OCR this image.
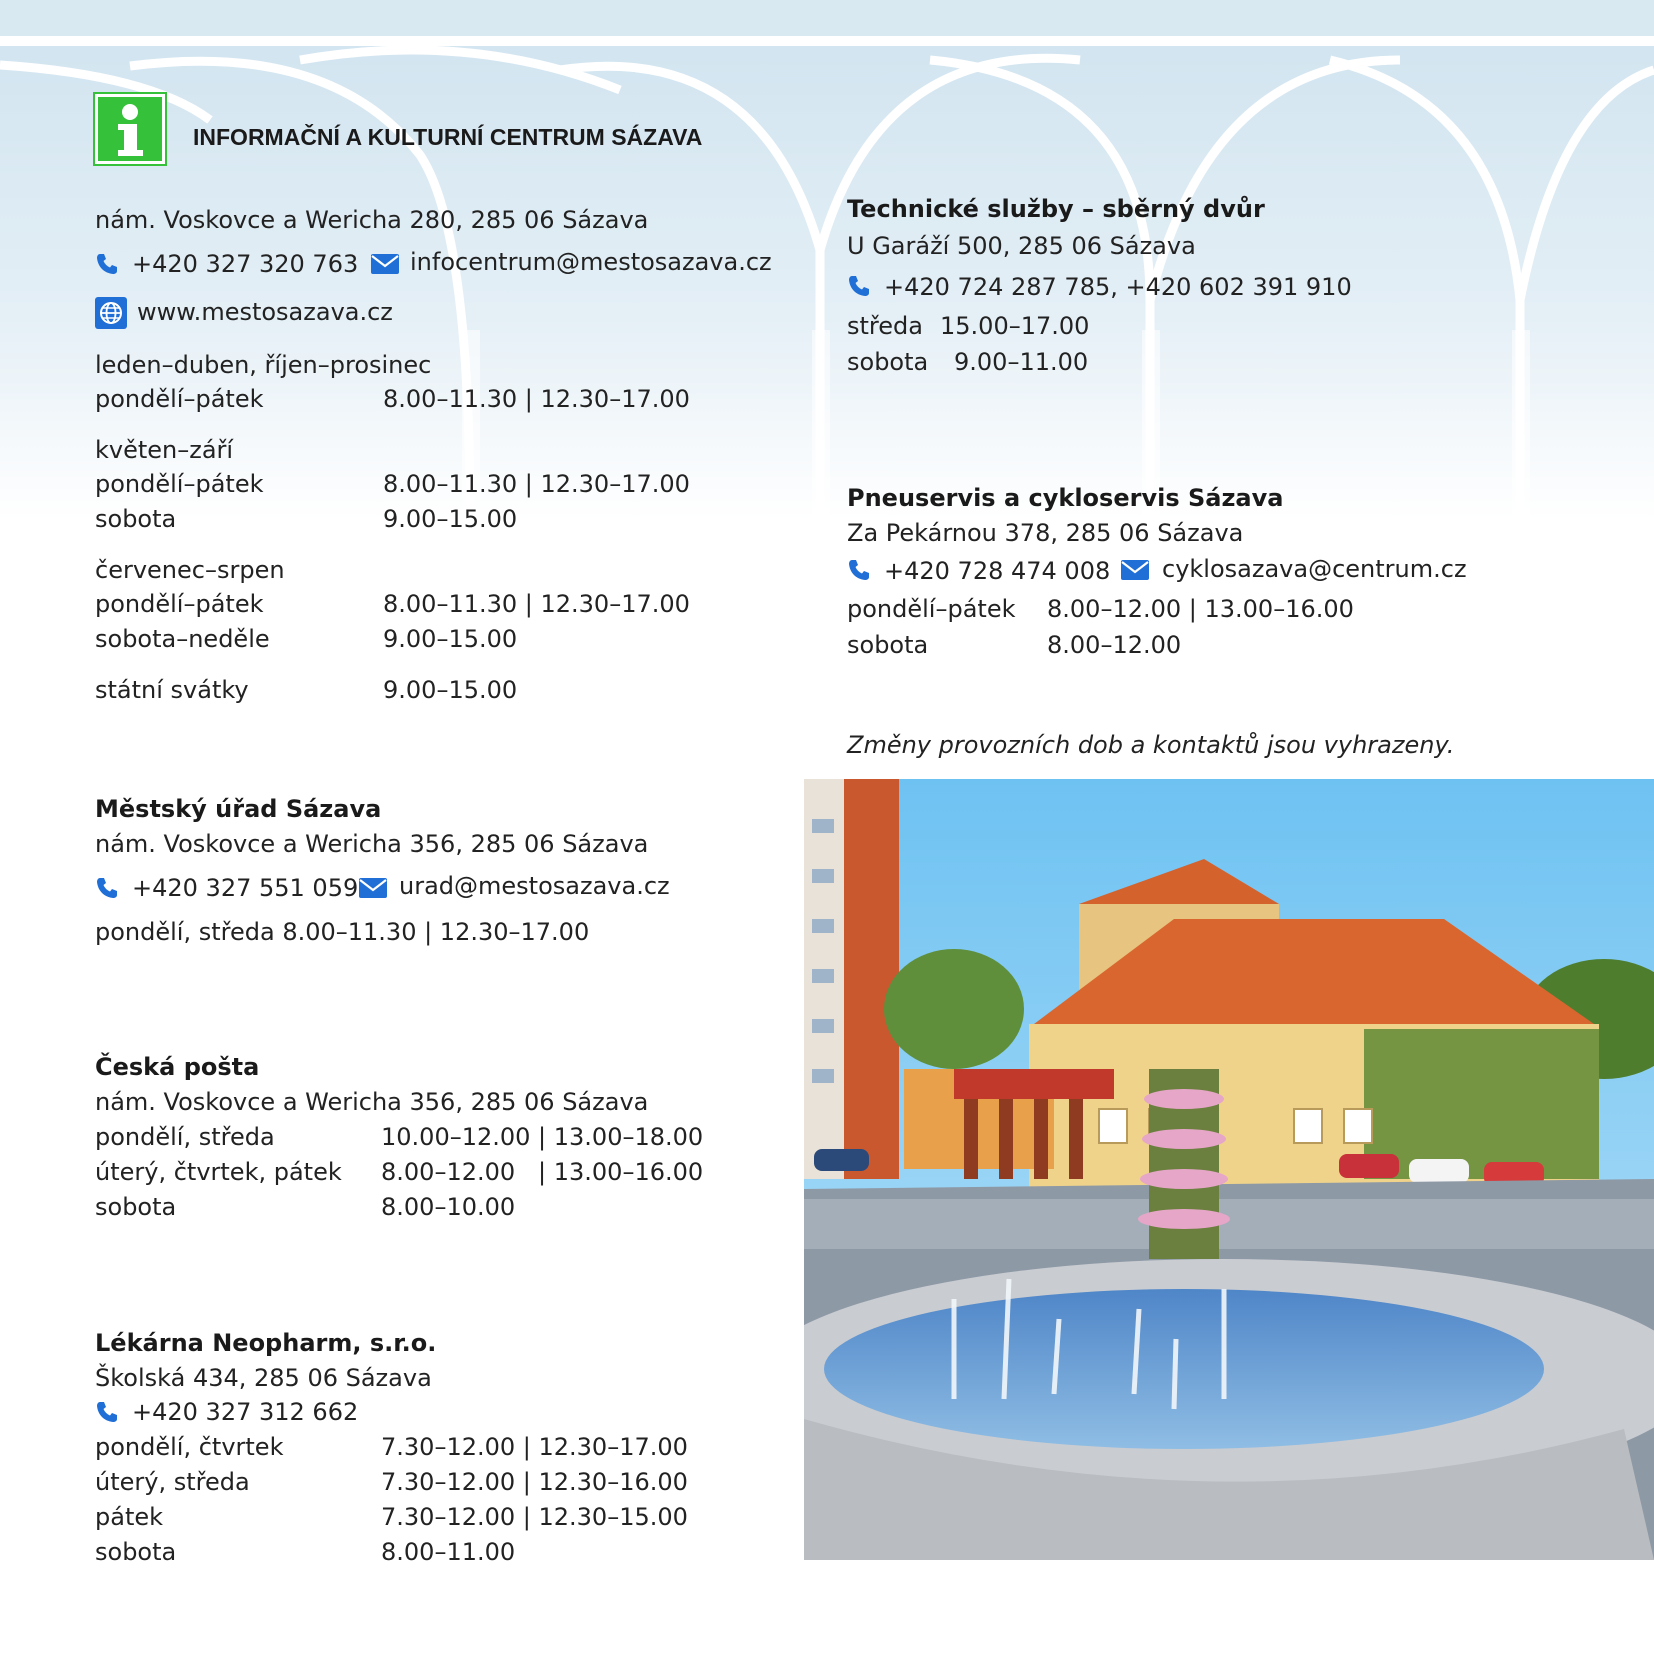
INFORMAČNÍ A KULTURNÍ CENTRUM SÁZAVA
nám. Voskovce a Wericha 280, 285 06 Sázava
+420 327 320 763 infocentrum@mestosazava.cz
www.mestosazava.cz
leden–duben, říjen–prosinec
pondělí–pátek	8.00–11.30 | 12.30–17.00
květen–září
pondělí–pátek	8.00–11.30 | 12.30–17.00
sobota	9.00–15.00
červenec–srpen
pondělí–pátek	8.00–11.30 | 12.30–17.00
sobota–neděle	9.00–15.00
státní svátky	9.00–15.00
Městský úřad Sázava
nám. Voskovce a Wericha 356, 285 06 Sázava
+420 327 551 059 urad@mestosazava.cz
pondělí, středa 8.00–11.30 | 12.30–17.00
Česká pošta
nám. Voskovce a Wericha 356, 285 06 Sázava
pondělí, středa	10.00–12.00 | 13.00–18.00
úterý, čtvrtek, pátek 8.00–12.00   | 13.00–16.00
sobota	8.00–10.00
Lékárna Neopharm, s.r.o.
Školská 434, 285 06 Sázava
+420 327 312 662
pondělí, čtvrtek	7.30–12.00 | 12.30–17.00
úterý, středa	7.30–12.00 | 12.30–16.00
pátek	7.30–12.00 | 12.30–15.00
sobota	8.00–11.00
Technické služby – sběrný dvůr
U Garáží 500, 285 06 Sázava
+420 724 287 785, +420 602 391 910
středa 15.00–17.00
sobota 9.00–11.00
Pneuservis a cykloservis Sázava
Za Pekárnou 378, 285 06 Sázava
+420 728 474 008 cyklosazava@centrum.cz
pondělí–pátek 8.00–12.00 | 13.00–16.00
sobota	8.00–12.00
Změny provozních dob a kontaktů jsou vyhrazeny.
